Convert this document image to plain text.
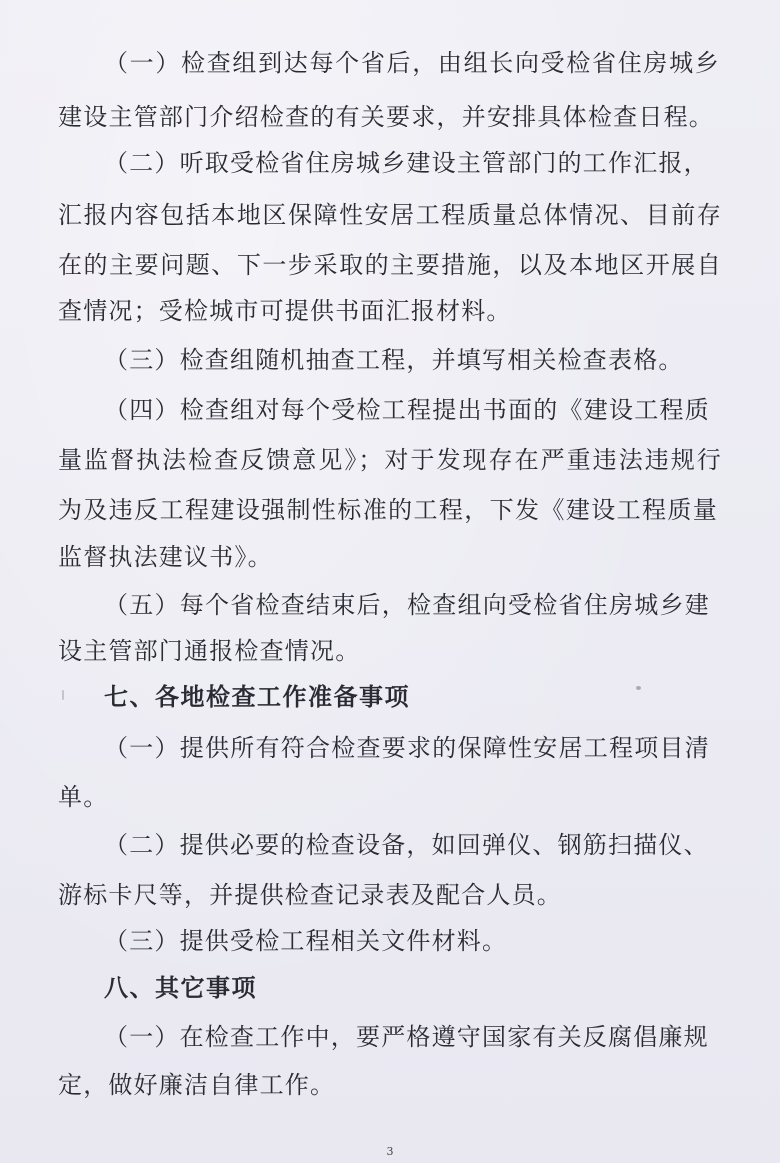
（一）检查组到达每个省后，由组长向受检省住房城乡
建设主管部门介绍检查的有关要求，并安排具体检查日程。
（二）听取受检省住房城乡建设主管部门的工作汇报，
汇报内容包括本地区保障性安居工程质量总体情况、目前存
在的主要问题、下一步采取的主要措施，以及本地区开展自
查情况；受检城市可提供书面汇报材料。
（三）检查组随机抽查工程，并填写相关检查表格。
（四）检查组对每个受检工程提出书面的《建设工程质
量监督执法检查反馈意见》；对于发现存在严重违法违规行
为及违反工程建设强制性标准的工程，下发《建设工程质量
监督执法建议书》。
（五）每个省检查结束后，检查组向受检省住房城乡建
设主管部门通报检查情况。
七、各地检查工作准备事项
（一）提供所有符合检查要求的保障性安居工程项目清
单。
（二）提供必要的检查设备，如回弹仪、钢筋扫描仪、
游标卡尺等，并提供检查记录表及配合人员。
（三）提供受检工程相关文件材料。
八、其它事项
（一）在检查工作中，要严格遵守国家有关反腐倡廉规
定，做好廉洁自律工作。
3
